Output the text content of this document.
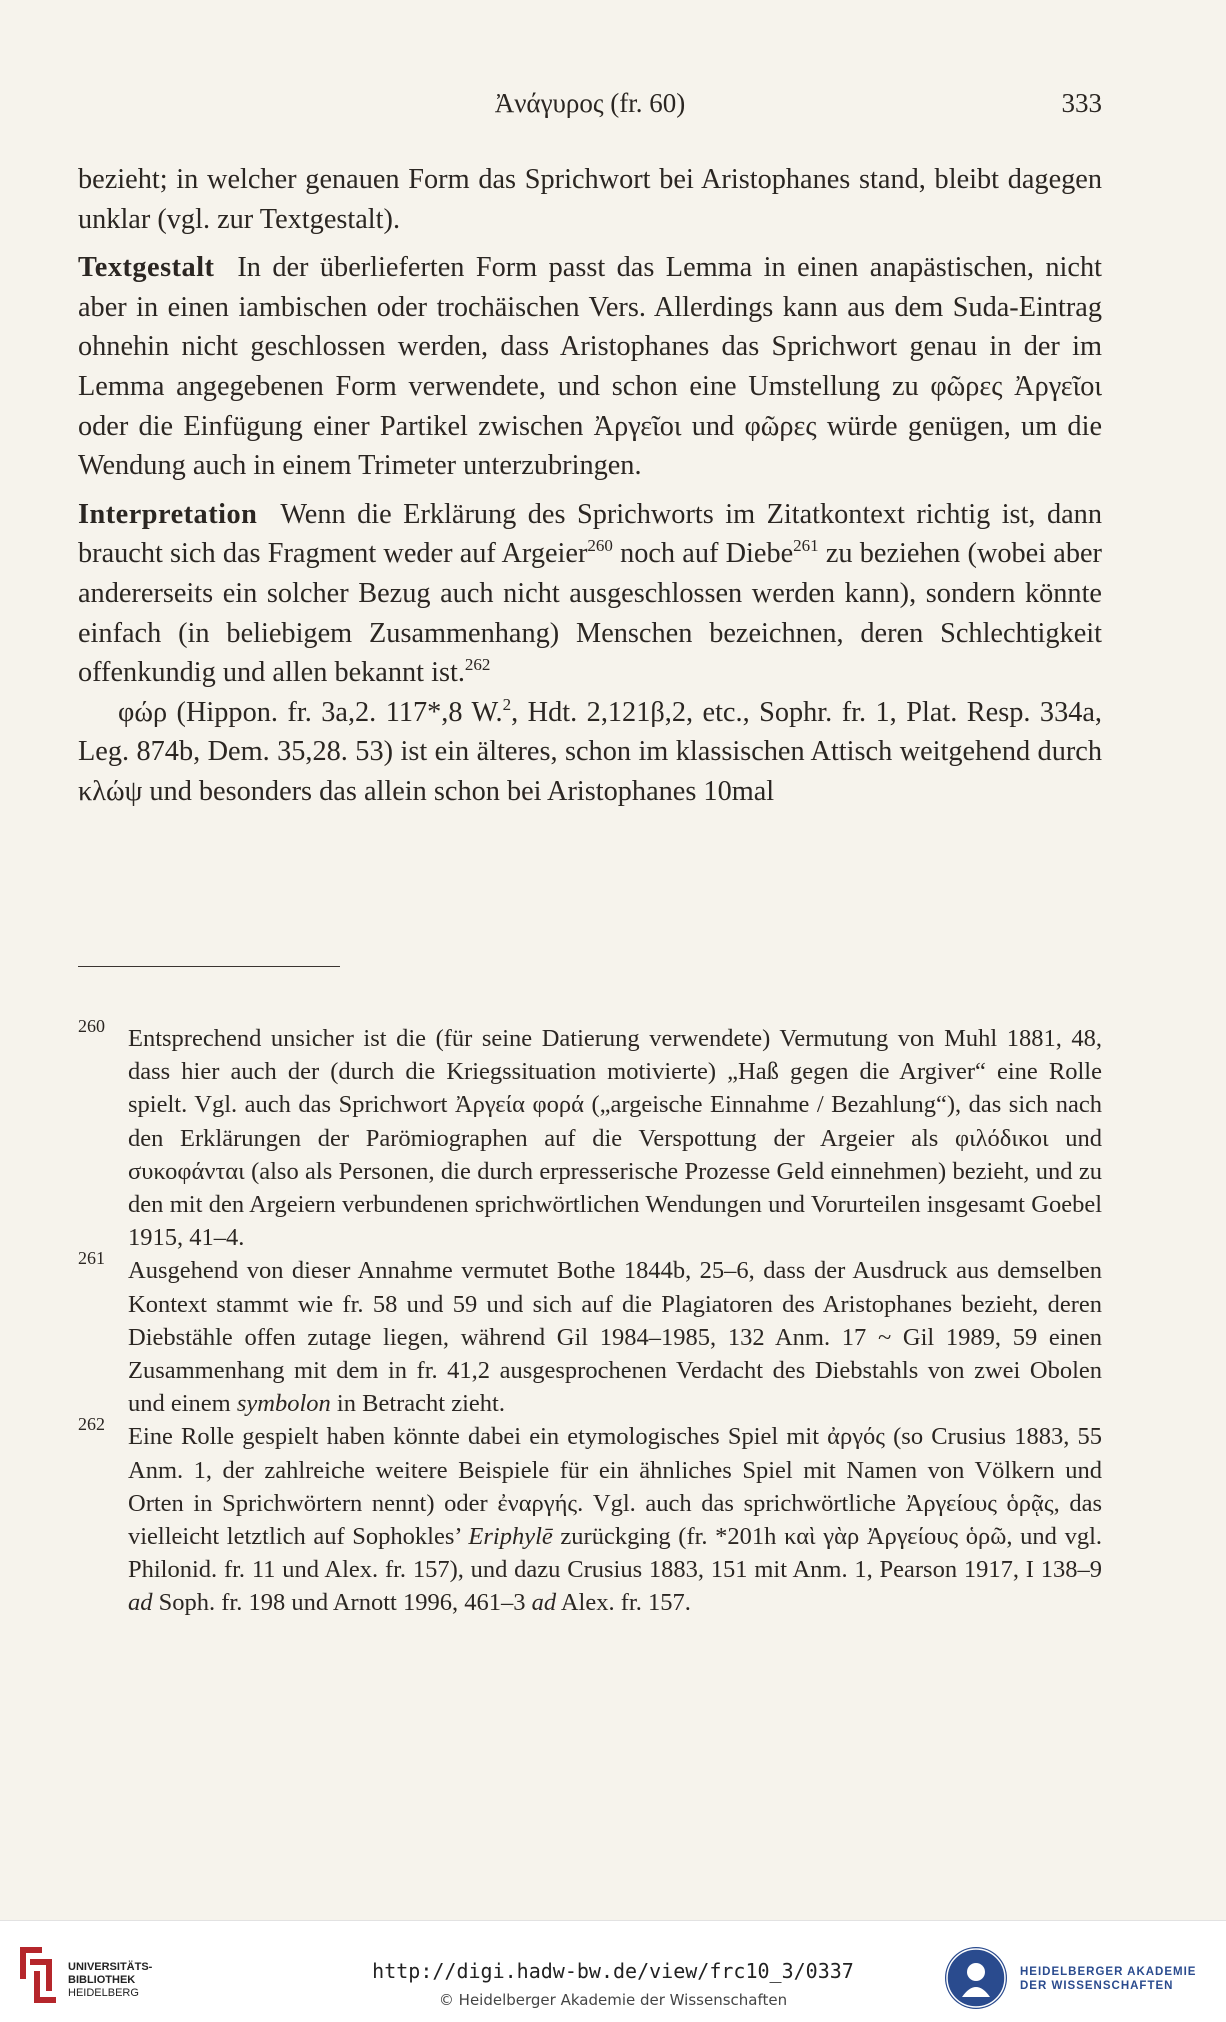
Ἀνάγυρος (fr. 60)	333

bezieht; in welcher genauen Form das Sprichwort bei Aristophanes stand, bleibt dagegen unklar (vgl. zur Textgestalt).

Textgestalt In der überlieferten Form passt das Lemma in einen anapästischen, nicht aber in einen iambischen oder trochäischen Vers. Allerdings kann aus dem Suda-Eintrag ohnehin nicht geschlossen werden, dass Aristophanes das Sprichwort genau in der im Lemma angegebenen Form verwendete, und schon eine Umstellung zu φῶρες Ἀργεῖοι oder die Einfügung einer Partikel zwischen Ἀργεῖοι und φῶρες würde genügen, um die Wendung auch in einem Trimeter unterzubringen.

Interpretation Wenn die Erklärung des Sprichworts im Zitatkontext richtig ist, dann braucht sich das Fragment weder auf Argeier$^{260}$ noch auf Diebe$^{261}$ zu beziehen (wobei aber andererseits ein solcher Bezug auch nicht ausgeschlossen werden kann), sondern könnte einfach (in beliebigem Zusammenhang) Menschen bezeichnen, deren Schlechtigkeit offenkundig und allen bekannt ist.$^{262}$

φώρ (Hippon. fr. 3a,2. 117*,8 W.$^2$, Hdt. 2,121β,2, etc., Sophr. fr. 1, Plat. Resp. 334a, Leg. 874b, Dem. 35,28. 53) ist ein älteres, schon im klassischen Attisch weitgehend durch κλώψ und besonders das allein schon bei Aristophanes 10mal

260 Entsprechend unsicher ist die (für seine Datierung verwendete) Vermutung von Muhl 1881, 48, dass hier auch der (durch die Kriegssituation motivierte) „Haß gegen die Argiver“ eine Rolle spielt. Vgl. auch das Sprichwort Ἀργεία φορά („argeische Einnahme / Bezahlung“), das sich nach den Erklärungen der Parömiographen auf die Verspottung der Argeier als φιλόδικοι und συκοφάνται (also als Personen, die durch erpresserische Prozesse Geld einnehmen) bezieht, und zu den mit den Argeiern verbundenen sprichwörtlichen Wendungen und Vorurteilen insgesamt Goebel 1915, 41–4.
261 Ausgehend von dieser Annahme vermutet Bothe 1844b, 25–6, dass der Ausdruck aus demselben Kontext stammt wie fr. 58 und 59 und sich auf die Plagiatoren des Aristophanes bezieht, deren Diebstähle offen zutage liegen, während Gil 1984–1985, 132 Anm. 17 ~ Gil 1989, 59 einen Zusammenhang mit dem in fr. 41,2 ausgesprochenen Verdacht des Diebstahls von zwei Obolen und einem symbolon in Betracht zieht.
262 Eine Rolle gespielt haben könnte dabei ein etymologisches Spiel mit ἀργός (so Crusius 1883, 55 Anm. 1, der zahlreiche weitere Beispiele für ein ähnliches Spiel mit Namen von Völkern und Orten in Sprichwörtern nennt) oder ἐναργής. Vgl. auch das sprichwörtliche Ἀργείους ὁρᾷς, das vielleicht letztlich auf Sophokles’ Eriphylē zurückging (fr. *201h καὶ γὰρ Ἀργείους ὁρῶ, und vgl. Philonid. fr. 11 und Alex. fr. 157), und dazu Crusius 1883, 151 mit Anm. 1, Pearson 1917, I 138–9 ad Soph. fr. 198 und Arnott 1996, 461–3 ad Alex. fr. 157.
UNIVERSITÄTS-
BIBLIOTHEK
HEIDELBERG
http://digi.hadw-bw.de/view/frc10_3/0337
© Heidelberger Akademie der Wissenschaften
HEIDELBERGER AKADEMIE
DER WISSENSCHAFTEN
